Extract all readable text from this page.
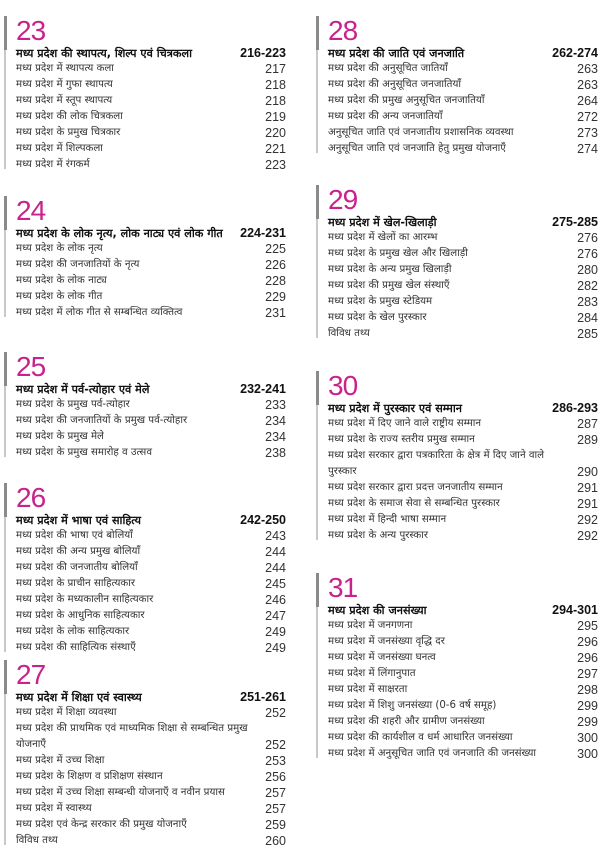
23
मध्य प्रदेश की स्थापत्य, शिल्प एवं चित्रकला	216-223
मध्य प्रदेश में स्थापत्य कला	217
मध्य प्रदेश में गुफा स्थापत्य	218
मध्य प्रदेश में स्तूप स्थापत्य	218
मध्य प्रदेश की लोक चित्रकला	219
मध्य प्रदेश के प्रमुख चित्रकार	220
मध्य प्रदेश में शिल्पकला	221
मध्य प्रदेश में रंगकर्म	223
24
मध्य प्रदेश के लोक नृत्य, लोक नाट्य एवं लोक गीत	224-231
मध्य प्रदेश के लोक नृत्य	225
मध्य प्रदेश की जनजातियों के नृत्य	226
मध्य प्रदेश के लोक नाट्य	228
मध्य प्रदेश के लोक गीत	229
मध्य प्रदेश में लोक गीत से सम्बन्धित व्यक्तित्व	231
25
मध्य प्रदेश में पर्व-त्योहार एवं मेले	232-241
मध्य प्रदेश के प्रमुख पर्व-त्योहार	233
मध्य प्रदेश की जनजातियों के प्रमुख पर्व-त्योहार	234
मध्य प्रदेश के प्रमुख मेले	234
मध्य प्रदेश के प्रमुख समारोह व उत्सव	238
26
मध्य प्रदेश में भाषा एवं साहित्य	242-250
मध्य प्रदेश की भाषा एवं बोलियाँ	243
मध्य प्रदेश की अन्य प्रमुख बोलियाँ	244
मध्य प्रदेश की जनजातीय बोलियाँ	244
मध्य प्रदेश के प्राचीन साहित्यकार	245
मध्य प्रदेश के मध्यकालीन साहित्यकार	246
मध्य प्रदेश के आधुनिक साहित्यकार	247
मध्य प्रदेश के लोक साहित्यकार	249
मध्य प्रदेश की साहित्यिक संस्थाएँ	249
27
मध्य प्रदेश में शिक्षा एवं स्वास्थ्य	251-261
मध्य प्रदेश में शिक्षा व्यवस्था	252
मध्य प्रदेश की प्राथमिक एवं माध्यमिक शिक्षा से सम्बन्धित प्रमुख योजनाएँ	252
मध्य प्रदेश में उच्च शिक्षा	253
मध्य प्रदेश के शिक्षण व प्रशिक्षण संस्थान	256
मध्य प्रदेश में उच्च शिक्षा सम्बन्धी योजनाएँ व नवीन प्रयास	257
मध्य प्रदेश में स्वास्थ्य	257
मध्य प्रदेश एवं केन्द्र सरकार की प्रमुख योजनाएँ	259
विविध तथ्य	260
28
मध्य प्रदेश की जाति एवं जनजाति	262-274
मध्य प्रदेश की अनुसूचित जातियाँ	263
मध्य प्रदेश की अनुसूचित जनजातियाँ	263
मध्य प्रदेश की प्रमुख अनुसूचित जनजातियाँ	264
मध्य प्रदेश की अन्य जनजातियाँ	272
अनुसूचित जाति एवं जनजातीय प्रशासनिक व्यवस्था	273
अनुसूचित जाति एवं जनजाति हेतु प्रमुख योजनाएँ	274
29
मध्य प्रदेश में खेल-खिलाड़ी	275-285
मध्य प्रदेश में खेलों का आरम्भ	276
मध्य प्रदेश के प्रमुख खेल और खिलाड़ी	276
मध्य प्रदेश के अन्य प्रमुख खिलाड़ी	280
मध्य प्रदेश की प्रमुख खेल संस्थाएँ	282
मध्य प्रदेश के प्रमुख स्टेडियम	283
मध्य प्रदेश के खेल पुरस्कार	284
विविध तथ्य	285
30
मध्य प्रदेश में पुरस्कार एवं सम्मान	286-293
मध्य प्रदेश में दिए जाने वाले राष्ट्रीय सम्मान	287
मध्य प्रदेश के राज्य स्तरीय प्रमुख सम्मान	289
मध्य प्रदेश सरकार द्वारा पत्रकारिता के क्षेत्र में दिए जाने वाले पुरस्कार	290
मध्य प्रदेश सरकार द्वारा प्रदत्त जनजातीय सम्मान	291
मध्य प्रदेश के समाज सेवा से सम्बन्धित पुरस्कार	291
मध्य प्रदेश में हिन्दी भाषा सम्मान	292
मध्य प्रदेश के अन्य पुरस्कार	292
31
मध्य प्रदेश की जनसंख्या	294-301
मध्य प्रदेश में जनगणना	295
मध्य प्रदेश में जनसंख्या वृद्धि दर	296
मध्य प्रदेश में जनसंख्या घनत्व	296
मध्य प्रदेश में लिंगानुपात	297
मध्य प्रदेश में साक्षरता	298
मध्य प्रदेश में शिशु जनसंख्या (0-6 वर्ष समूह)	299
मध्य प्रदेश की शहरी और ग्रामीण जनसंख्या	299
मध्य प्रदेश की कार्यशील व धर्म आधारित जनसंख्या	300
मध्य प्रदेश में अनुसूचित जाति एवं जनजाति की जनसंख्या	300
